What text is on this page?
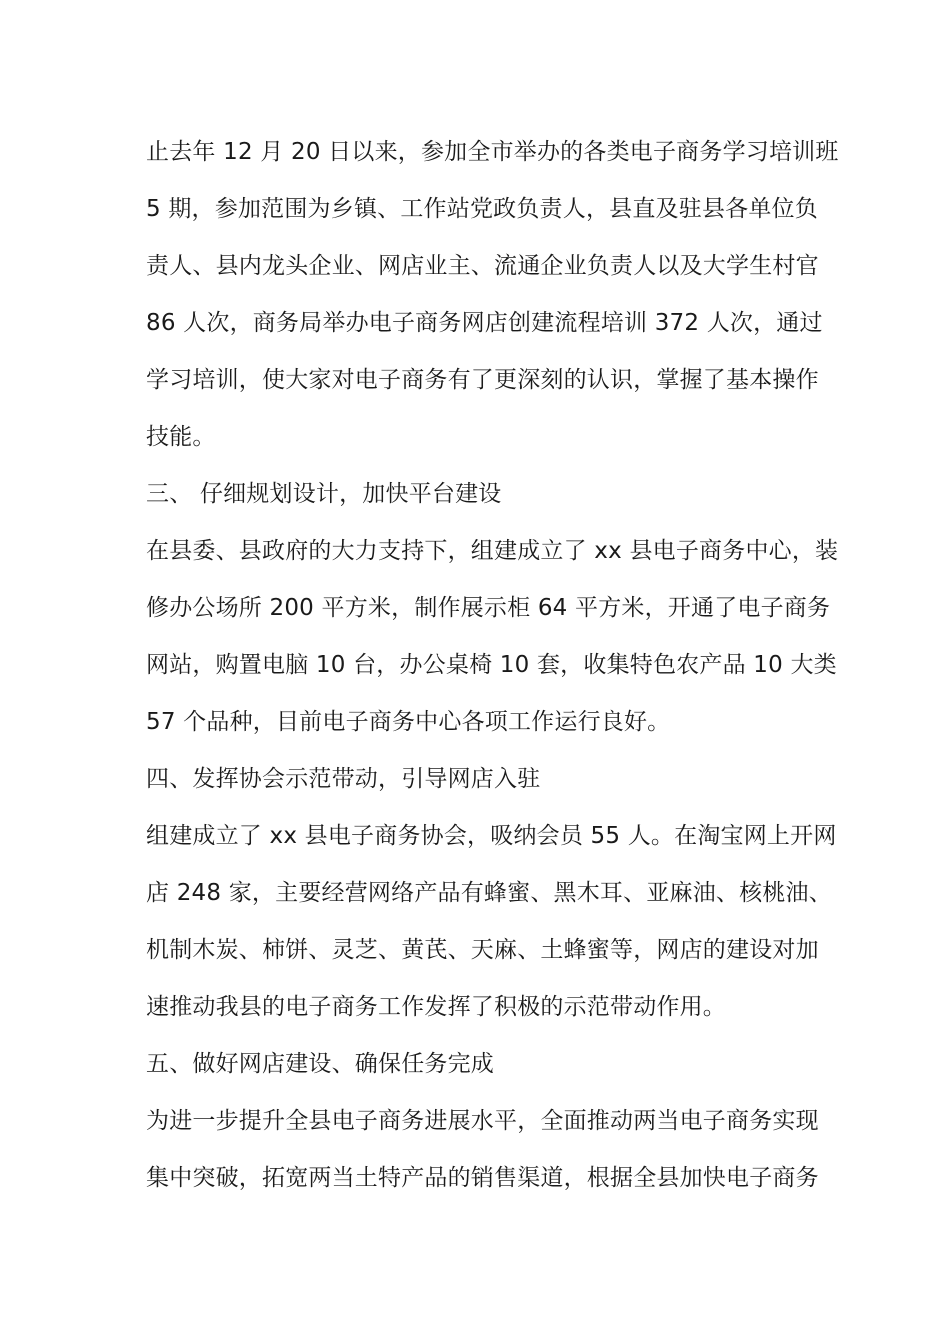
止去年 12 月 20 日以来，参加全市举办的各类电子商务学习培训班
5 期，参加范围为乡镇、工作站党政负责人，县直及驻县各单位负
责人、县内龙头企业、网店业主、流通企业负责人以及大学生村官
86 人次，商务局举办电子商务网店创建流程培训 372 人次，通过
学习培训，使大家对电子商务有了更深刻的认识，掌握了基本操作
技能。
三、 仔细规划设计，加快平台建设
在县委、县政府的大力支持下，组建成立了 xx 县电子商务中心，装
修办公场所 200 平方米，制作展示柜 64 平方米，开通了电子商务
网站，购置电脑 10 台，办公桌椅 10 套，收集特色农产品 10 大类
57 个品种，目前电子商务中心各项工作运行良好。
四、发挥协会示范带动，引导网店入驻
组建成立了 xx 县电子商务协会，吸纳会员 55 人。在淘宝网上开网
店 248 家，主要经营网络产品有蜂蜜、黑木耳、亚麻油、核桃油、
机制木炭、柿饼、灵芝、黄芪、天麻、土蜂蜜等，网店的建设对加
速推动我县的电子商务工作发挥了积极的示范带动作用。
五、做好网店建设、确保任务完成
为进一步提升全县电子商务进展水平，全面推动两当电子商务实现
集中突破，拓宽两当土特产品的销售渠道，根据全县加快电子商务
